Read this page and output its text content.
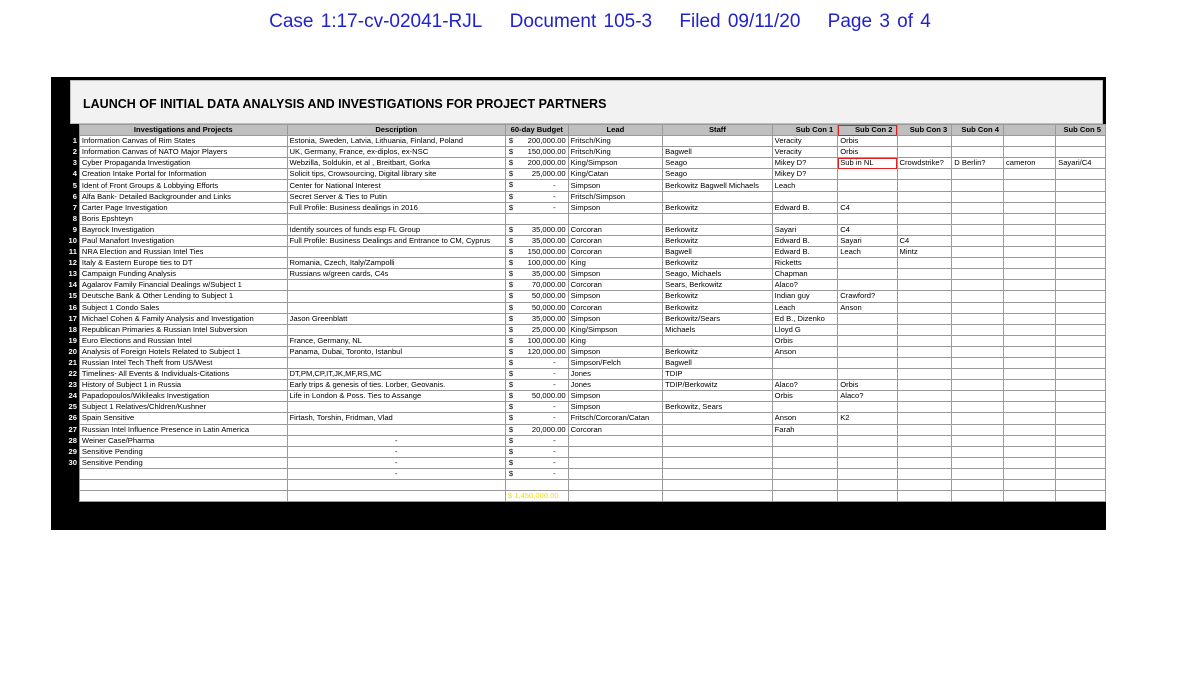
Case 1:17-cv-02041-RJL Document 105-3 Filed 09/11/20 Page 3 of 4
LAUNCH OF INITIAL DATA ANALYSIS AND INVESTIGATIONS FOR PROJECT PARTNERS
	Investigations and Projects	Description	60-day Budget	Lead	Staff	Sub Con 1	Sub Con 2	Sub Con 3	Sub Con 4		Sub Con 5
1	Information Canvas of Rim States	Estonia, Sweden, Latvia, Lithuania, Finland, Poland	$ 200,000.00	Fritsch/King		Veracity	Orbis				
2	Information Canvas of NATO Major Players	UK, Germany, France, ex-diplos, ex-NSC	$ 150,000.00	Fritsch/King	Bagwell	Veracity	Orbis				
3	Cyber Propaganda Investigation	Webzilla, Soldukin, et al , Breitbart, Gorka	$ 200,000.00	King/Simpson	Seago	Mikey D?	Sub in NL	Crowdstrike?	D Berlin?	cameron	Sayari/C4
4	Creation Intake Portal for Information	Solicit tips, Crowsourcing, Digital library site	$ 25,000.00	King/Catan	Seago	Mikey D?					
5	Ident of Front Groups & Lobbying Efforts	Center for National Interest	$ -	Simpson	Berkowitz Bagwell Michaels	Leach					
6	Alfa Bank- Detailed Backgrounder and Links	Secret Server & Ties to Putin	$ -	Fritsch/Simpson							
7	Carter Page Investigation	Full Profile: Business dealings in 2016	$ -	Simpson	Berkowitz	Edward B.	C4				
8	Boris Epshteyn										
9	Bayrock Investigation	Identify sources of funds esp FL Group	$ 35,000.00	Corcoran	Berkowitz	Sayari	C4				
10	Paul Manafort Investigation	Full Profile: Business Dealings and Entrance to CM, Cyprus	$ 35,000.00	Corcoran	Berkowitz	Edward B.	Sayari	C4			
11	NRA Election and Russian Intel Ties		$ 150,000.00	Corcoran	Bagwell	Edward B.	Leach	Mintz			
12	Italy & Eastern Europe ties to DT	Romania, Czech, Italy/Zampolli	$ 100,000.00	King	Berkowitz	Ricketts					
13	Campaign Funding Analysis	Russians w/green cards, C4s	$ 35,000.00	Simpson	Seago, Michaels	Chapman					
14	Agalarov Family Financial Dealings w/Subject 1		$ 70,000.00	Corcoran	Sears, Berkowitz	Alaco?					
15	Deutsche Bank & Other Lending to Subject 1		$ 50,000.00	Simpson	Berkowitz	Indian guy	Crawford?				
16	Subject 1 Condo Sales		$ 50,000.00	Corcoran	Berkowitz	Leach	Anson				
17	Michael Cohen & Family Analysis and Investigation	Jason Greenblatt	$ 35,000.00	Simpson	Berkowitz/Sears	Ed B., Dizenko					
18	Republican Primaries & Russian Intel Subversion		$ 25,000.00	King/Simpson	Michaels	Lloyd G					
19	Euro Elections and Russian Intel	France, Germany, NL	$ 100,000.00	King		Orbis					
20	Analysis of Foreign Hotels Related to Subject 1	Panama, Dubai, Toronto, Istanbul	$ 120,000.00	Simpson	Berkowitz	Anson					
21	Russian Intel Tech Theft from US/West		$ -	Simpson/Felch	Bagwell						
22	Timelines- All Events & Individuals-Citations	DT,PM,CP,IT,JK,MF,RS,MC	$ -	Jones	TDIP						
23	History of Subject 1 in Russia	Early trips & genesis of ties. Lorber, Geovanis.	$ -	Jones	TDIP/Berkowitz	Alaco?	Orbis				
24	Papadopoulos/Wikileaks Investigation	Life in London & Poss. Ties to Assange	$ 50,000.00	Simpson		Orbis	Alaco?				
25	Subject 1 Relatives/Chldren/Kushner		$ -	Simpson	Berkowitz, Sears						
26	Spain Sensitive	Firtash, Torshin, Fridman, Vlad	$ -	Fritsch/Corcoran/Catan		Anson	K2				
27	Russian Intel Influence Presence in Latin America		$ 20,000.00	Corcoran		Farah					
28	Weiner Case/Pharma	-	$ -								
29	Sensitive Pending	-	$ -								
30	Sensitive Pending	-	$ -								
		-	$ -								

		TOTAL	$ 1,450,000.00								
